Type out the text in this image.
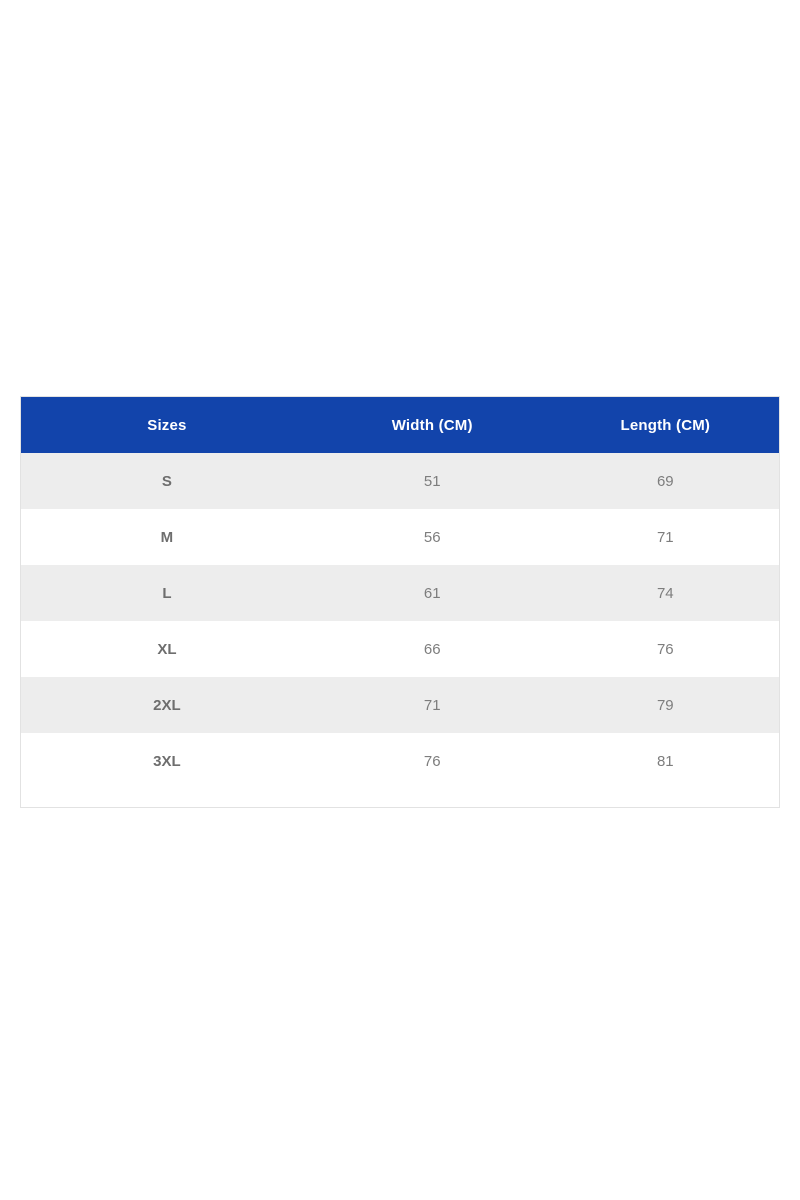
Sizes	Width (CM)	Length (CM)
S	51	69
M	56	71
L	61	74
XL	66	76
2XL	71	79
3XL	76	81
